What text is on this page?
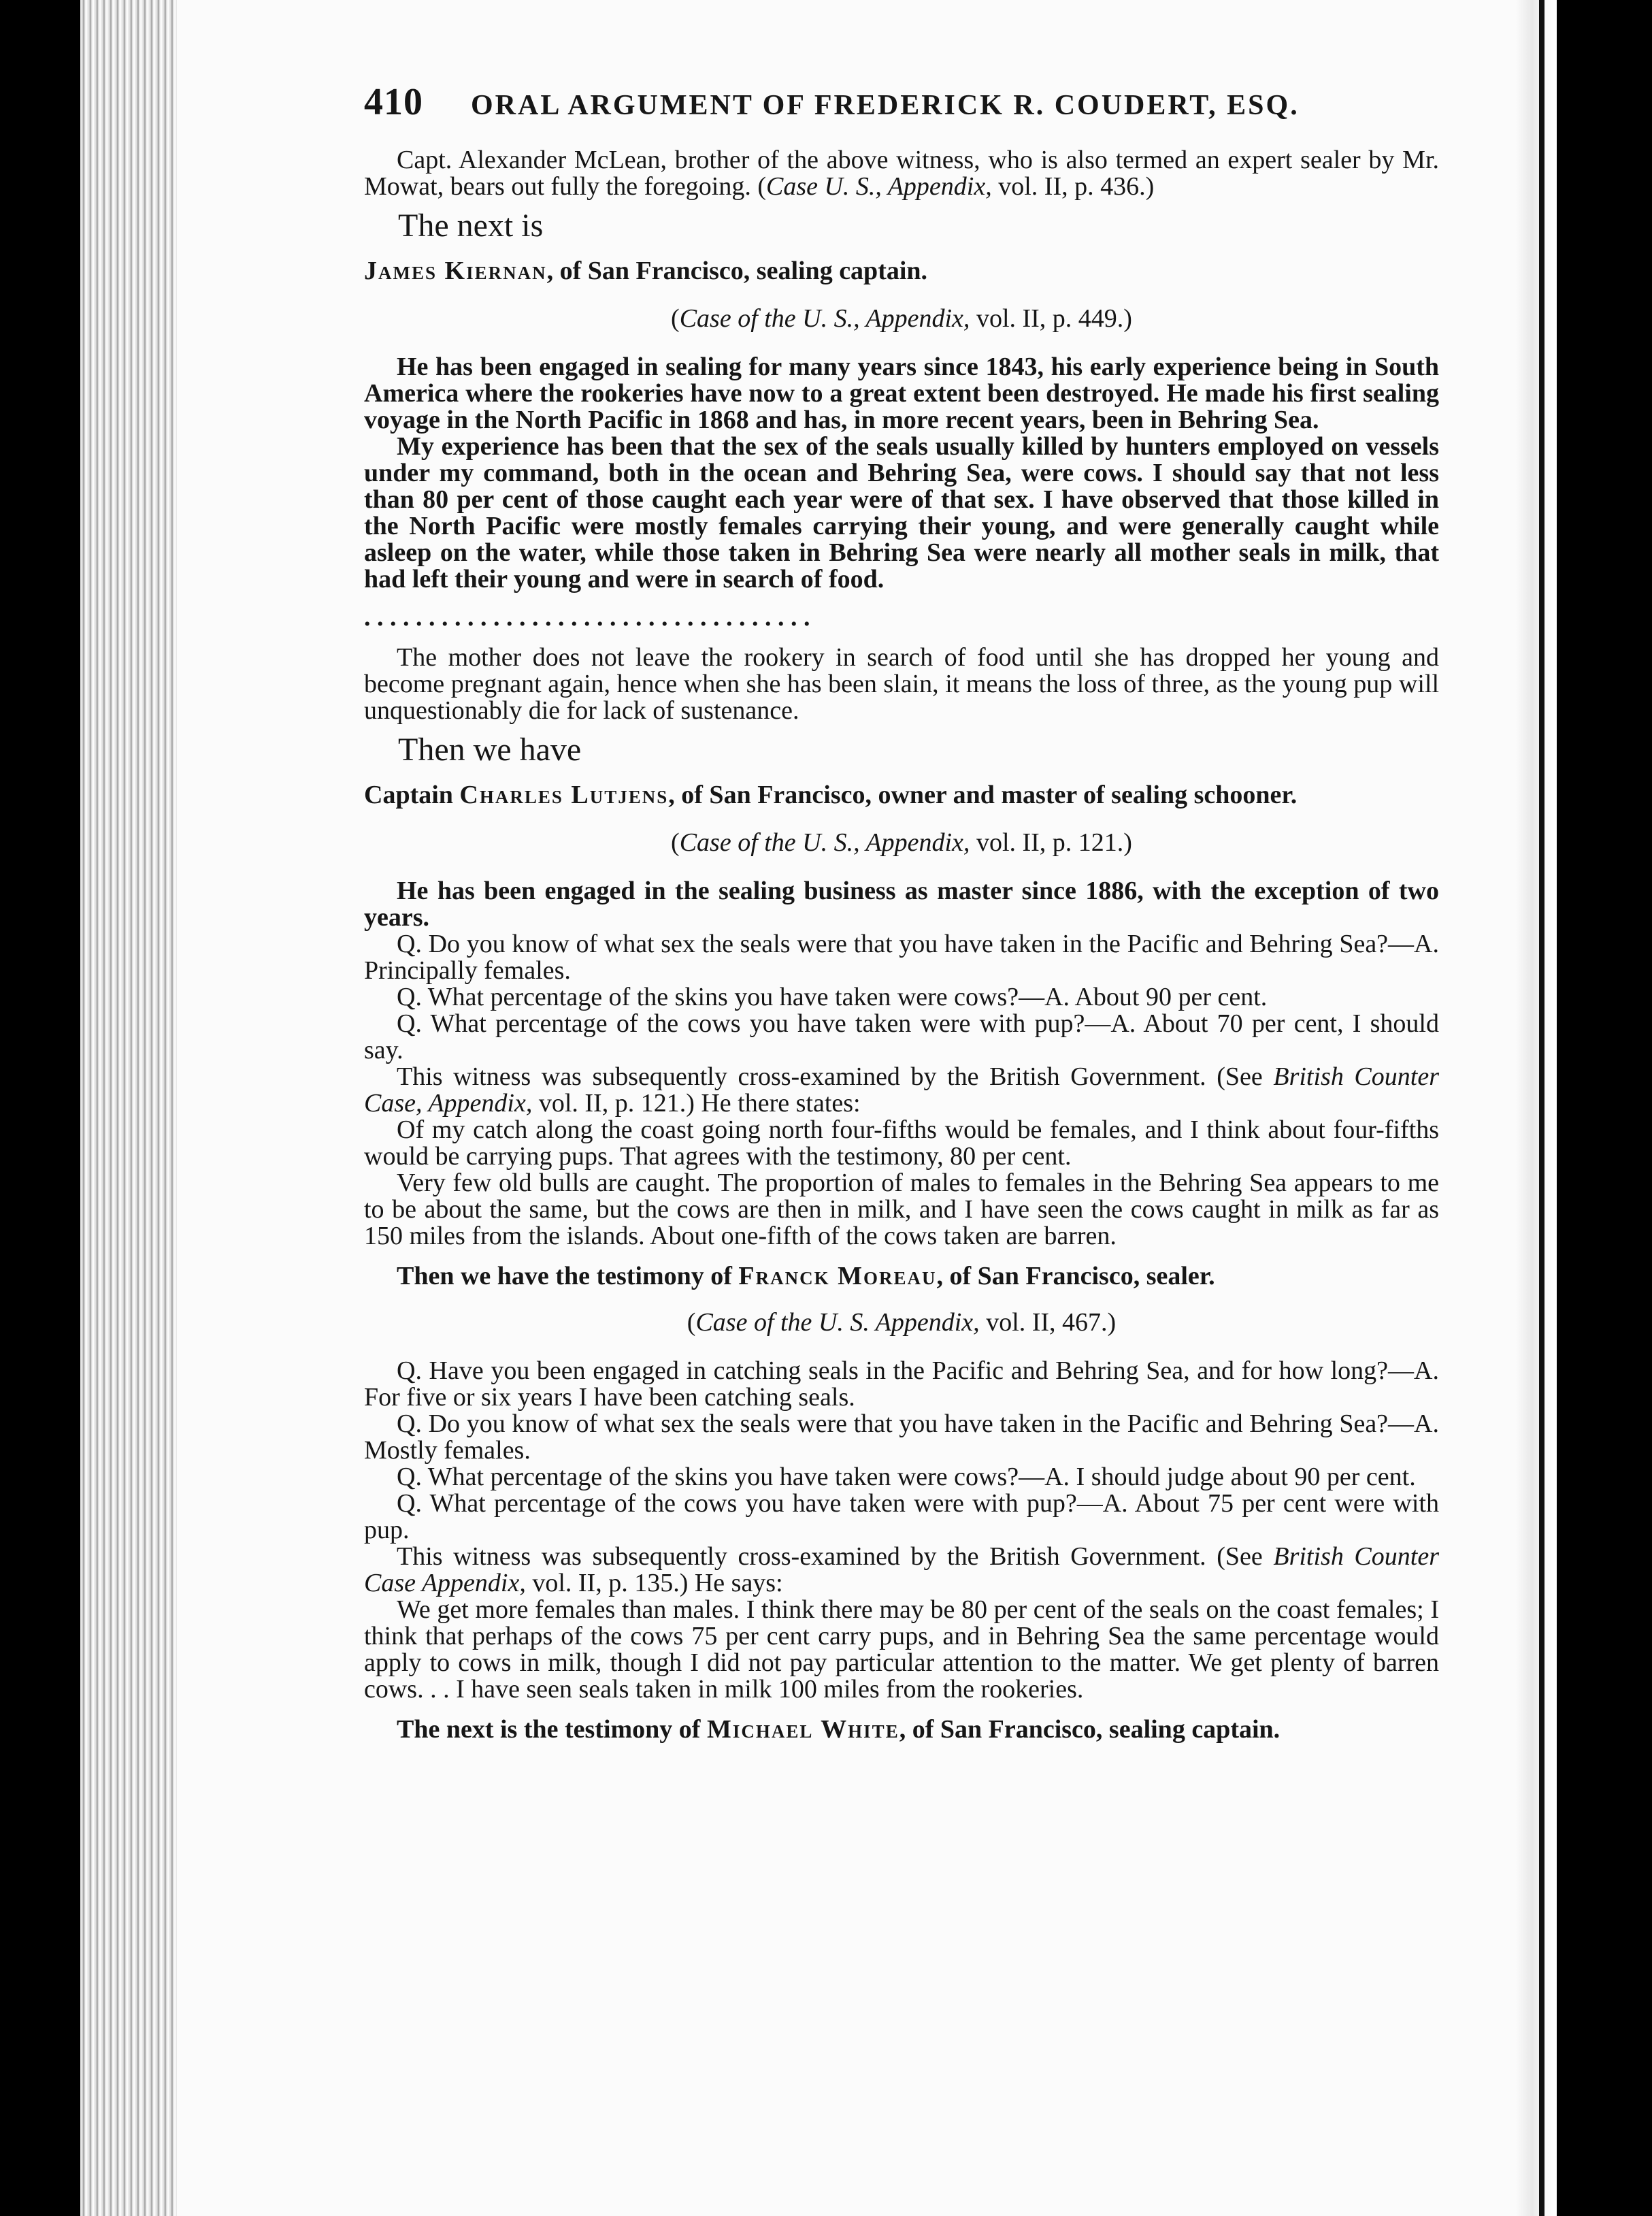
410 ORAL ARGUMENT OF FREDERICK R. COUDERT, ESQ.

Capt. Alexander McLean, brother of the above witness, who is also termed an expert sealer by Mr. Mowat, bears out fully the foregoing. (Case U. S., Appendix, vol. II, p. 436.)

The next is
James Kiernan, of San Francisco, sealing captain.
(Case of the U. S., Appendix, vol. II, p. 449.)

He has been engaged in sealing for many years since 1843, his early experience being in South America where the rookeries have now to a great extent been destroyed. He made his first sealing voyage in the North Pacific in 1868 and has, in more recent years, been in Behring Sea.

My experience has been that the sex of the seals usually killed by hunters employed on vessels under my command, both in the ocean and Behring Sea, were cows. I should say that not less than 80 per cent of those caught each year were of that sex. I have observed that those killed in the North Pacific were mostly females carrying their young, and were generally caught while asleep on the water, while those taken in Behring Sea were nearly all mother seals in milk, that had left their young and were in search of food.

. . . . . . . . . . . . . . . . . . . . . . . . . . . . . . . . . . .

The mother does not leave the rookery in search of food until she has dropped her young and become pregnant again, hence when she has been slain, it means the loss of three, as the young pup will unquestionably die for lack of sustenance.

Then we have
Captain Charles Lutjens, of San Francisco, owner and master of sealing schooner.
(Case of the U. S., Appendix, vol. II, p. 121.)

He has been engaged in the sealing business as master since 1886, with the exception of two years.

Q. Do you know of what sex the seals were that you have taken in the Pacific and Behring Sea?—A. Principally females.

Q. What percentage of the skins you have taken were cows?—A. About 90 per cent.

Q. What percentage of the cows you have taken were with pup?—A. About 70 per cent, I should say.

This witness was subsequently cross-examined by the British Government. (See British Counter Case, Appendix, vol. II, p. 121.) He there states:

Of my catch along the coast going north four-fifths would be females, and I think about four-fifths would be carrying pups. That agrees with the testimony, 80 per cent.

Very few old bulls are caught. The proportion of males to females in the Behring Sea appears to me to be about the same, but the cows are then in milk, and I have seen the cows caught in milk as far as 150 miles from the islands. About one-fifth of the cows taken are barren.

Then we have the testimony of Franck Moreau, of San Francisco, sealer.

(Case of the U. S. Appendix, vol. II, 467.)

Q. Have you been engaged in catching seals in the Pacific and Behring Sea, and for how long?—A. For five or six years I have been catching seals.

Q. Do you know of what sex the seals were that you have taken in the Pacific and Behring Sea?—A. Mostly females.

Q. What percentage of the skins you have taken were cows?—A. I should judge about 90 per cent.

Q. What percentage of the cows you have taken were with pup?—A. About 75 per cent were with pup.

This witness was subsequently cross-examined by the British Government. (See British Counter Case Appendix, vol. II, p. 135.) He says:

We get more females than males. I think there may be 80 per cent of the seals on the coast females; I think that perhaps of the cows 75 per cent carry pups, and in Behring Sea the same percentage would apply to cows in milk, though I did not pay particular attention to the matter. We get plenty of barren cows. . . I have seen seals taken in milk 100 miles from the rookeries.

The next is the testimony of Michael White, of San Francisco, sealing captain.
